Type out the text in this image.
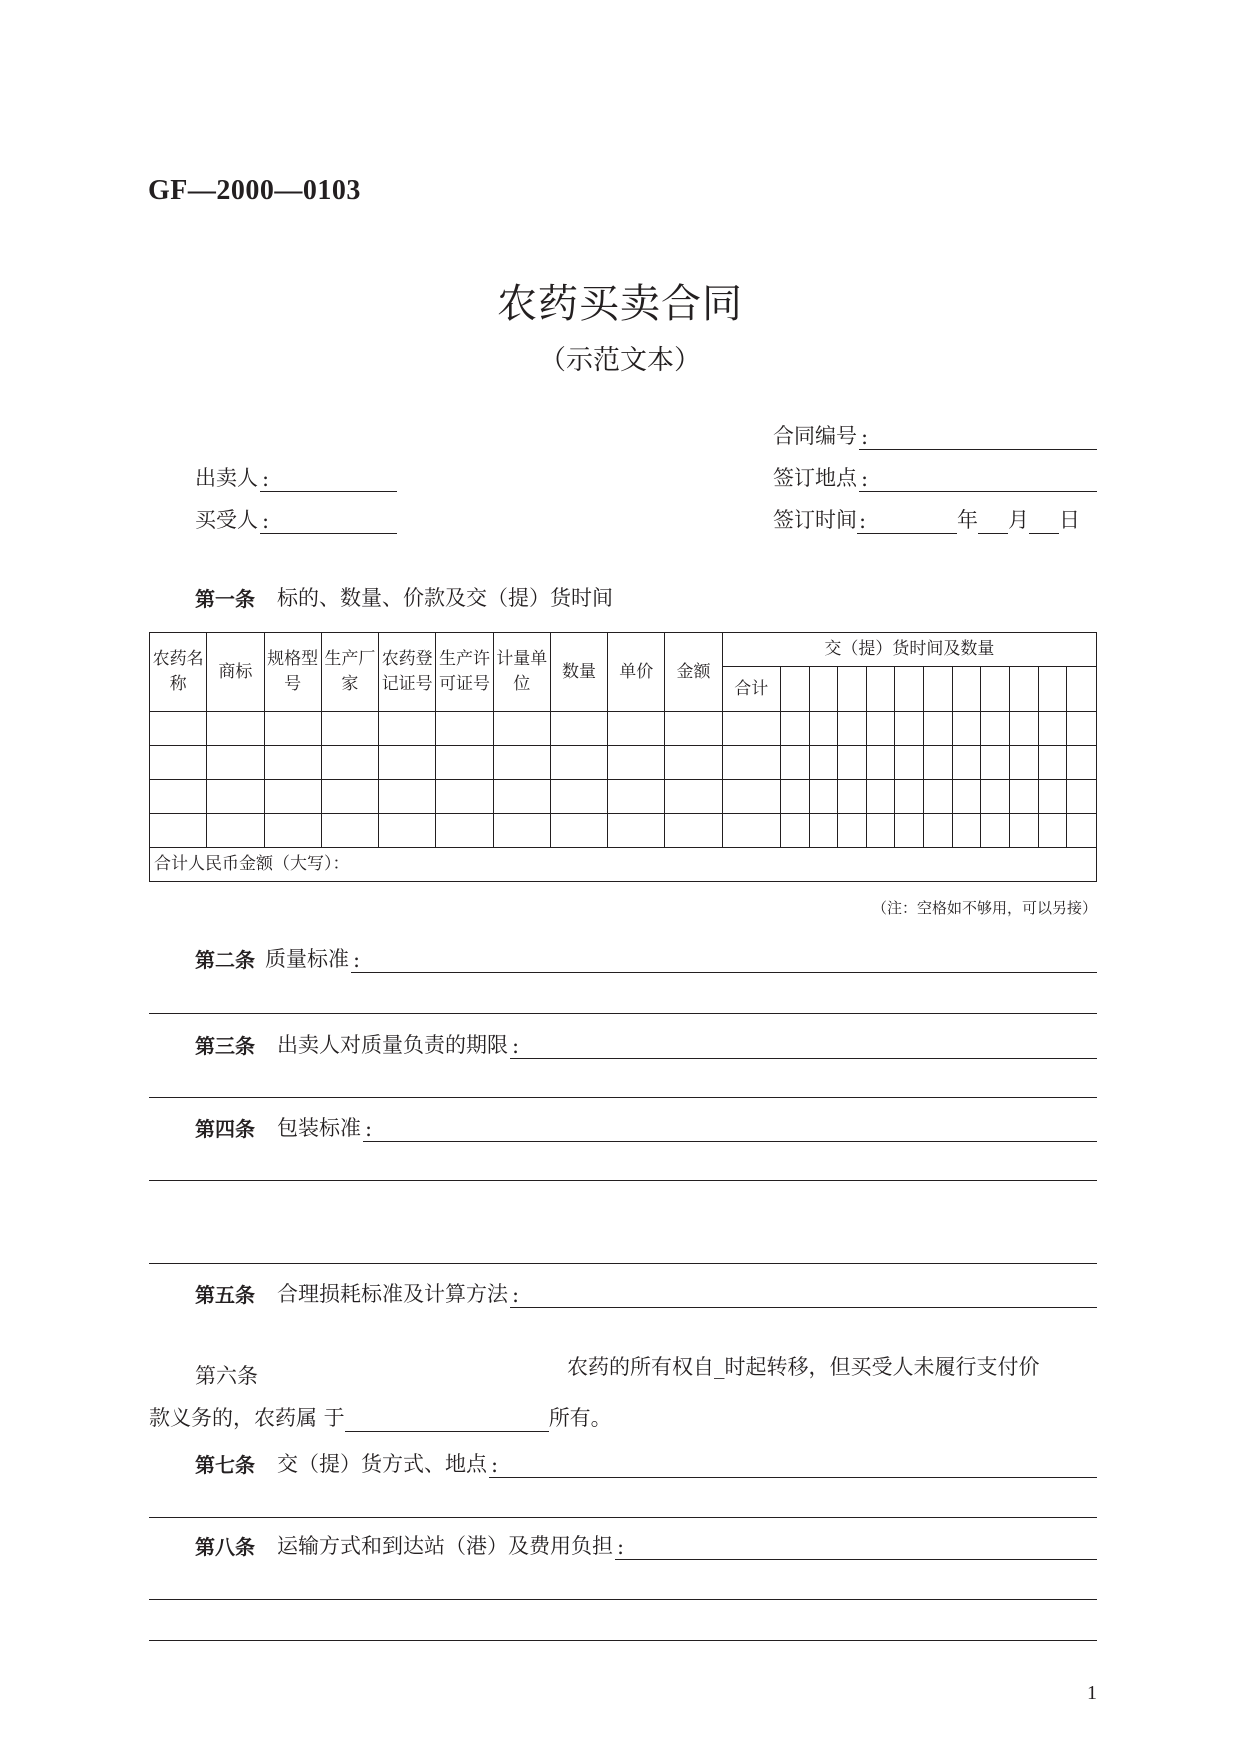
GF—2000—0103
农药买卖合同
（示范文本）
合同编号
:
出卖人 :	签订地点
:
买受人 :	签订时间 :	年 月 日
第一条 标的、数量、价款及交（提）货时间
农药名称	商标	规格型号	生产厂家	农药登记证号	生产许可证号	计量单位	数量	单价	金额	交（提）货时间及数量											
										合计											

合计人民币金额（大写）：																					
（注：空格如不够用，可以另接）
第二条 质量标准
:
第三条 出卖人对质量负责的期限
:
第四条 包装标准
:
第五条 合理损耗标准及计算方法
:
第六条	农药的所有权自_时起转移，但买受人未履行支付价
款义务的，农药属 于	所有。
第七条 交（提）货方式、地点
:
第八条 运输方式和到达站（港）及费用负担
:
1
